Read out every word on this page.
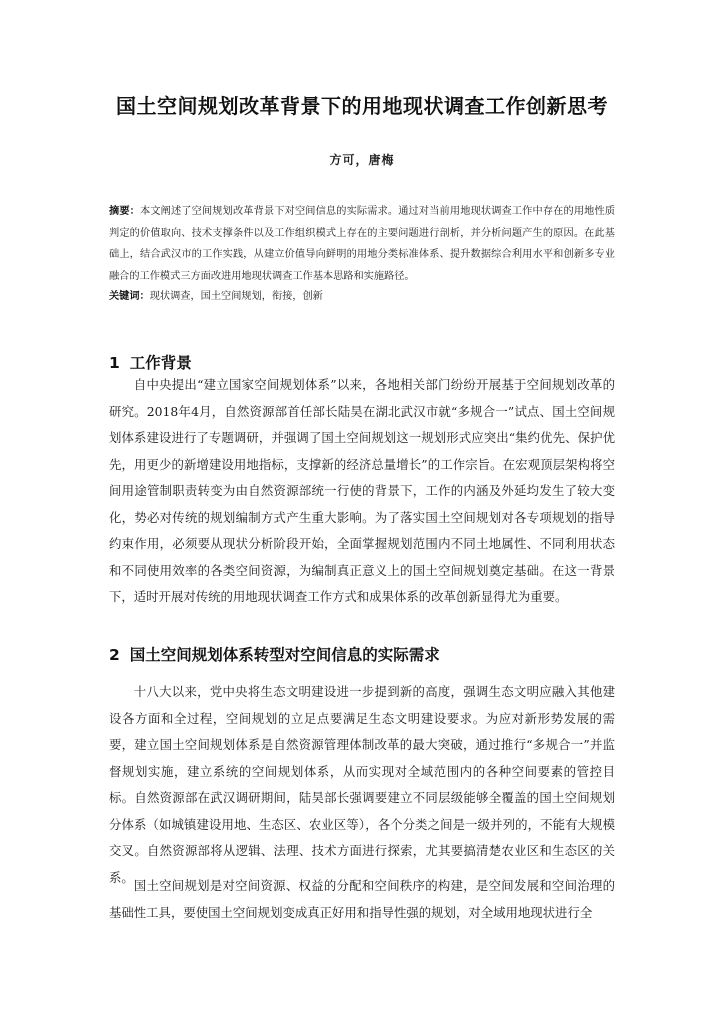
国土空间规划改革背景下的用地现状调查工作创新思考
方可，唐梅
摘要：本文阐述了空间规划改革背景下对空间信息的实际需求。通过对当前用地现状调查工作中存在的用地性质判定的价值取向、技术支撑条件以及工作组织模式上存在的主要问题进行剖析，并分析问题产生的原因。在此基础上，结合武汉市的工作实践，从建立价值导向鲜明的用地分类标准体系、提升数据综合利用水平和创新多专业融合的工作模式三方面改进用地现状调查工作基本思路和实施路径。
关键词：现状调查，国土空间规划，衔接，创新
1 工作背景

自中央提出“建立国家空间规划体系”以来，各地相关部门纷纷开展基于空间规划改革的研究。2018年4月，自然资源部首任部长陆昊在湖北武汉市就“多规合一”试点、国土空间规划体系建设进行了专题调研，并强调了国土空间规划这一规划形式应突出“集约优先、保护优先，用更少的新增建设用地指标，支撑新的经济总量增长”的工作宗旨。在宏观顶层架构将空间用途管制职责转变为由自然资源部统一行使的背景下，工作的内涵及外延均发生了较大变化，势必对传统的规划编制方式产生重大影响。为了落实国土空间规划对各专项规划的指导约束作用，必须要从现状分析阶段开始，全面掌握规划范围内不同土地属性、不同利用状态和不同使用效率的各类空间资源，为编制真正意义上的国土空间规划奠定基础。在这一背景下，适时开展对传统的用地现状调查工作方式和成果体系的改革创新显得尤为重要。

2 国土空间规划体系转型对空间信息的实际需求

十八大以来，党中央将生态文明建设进一步提到新的高度，强调生态文明应融入其他建设各方面和全过程，空间规划的立足点要满足生态文明建设要求。为应对新形势发展的需要，建立国土空间规划体系是自然资源管理体制改革的最大突破，通过推行“多规合一”并监督规划实施，建立系统的空间规划体系，从而实现对全域范围内的各种空间要素的管控目标。自然资源部在武汉调研期间，陆昊部长强调要建立不同层级能够全覆盖的国土空间规划分体系（如城镇建设用地、生态区、农业区等），各个分类之间是一级并列的，不能有大规模交叉。自然资源部将从逻辑、法理、技术方面进行探索，尤其要搞清楚农业区和生态区的关系。

国土空间规划是对空间资源、权益的分配和空间秩序的构建，是空间发展和空间治理的基础性工具，要使国土空间规划变成真正好用和指导性强的规划，对全域用地现状进行全
